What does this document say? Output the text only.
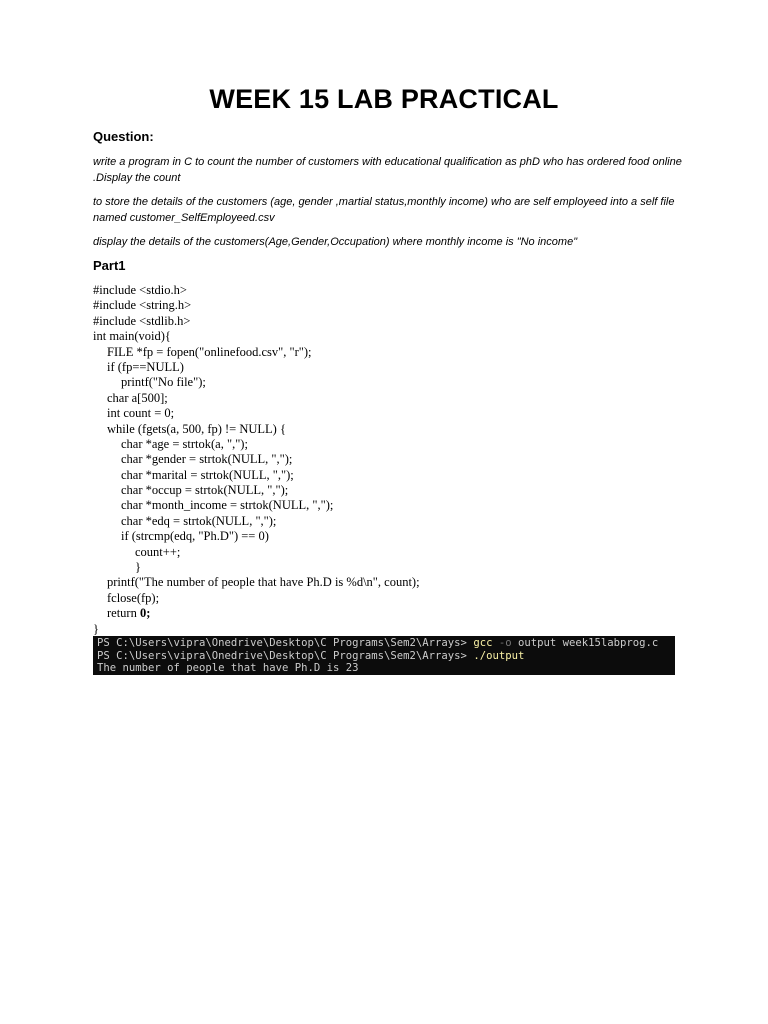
WEEK 15 LAB PRACTICAL
Question:
write a program in C to count the number of customers with educational qualification as phD who has ordered food online .Display the count
to store the details of the customers (age, gender ,martial status,monthly income) who are self employeed into a self file named customer_SelfEmployeed.csv
display the details of the customers(Age,Gender,Occupation) where monthly income is "No income"
Part1
#include <stdio.h>
#include <string.h>
#include <stdlib.h>
int main(void){
FILE *fp = fopen("onlinefood.csv", "r");
if (fp==NULL)
printf("No file");
char a[500];
int count = 0;
while (fgets(a, 500, fp) != NULL) {
char *age = strtok(a, ",");
char *gender = strtok(NULL, ",");
char *marital = strtok(NULL, ",");
char *occup = strtok(NULL, ",");
char *month_income = strtok(NULL, ",");
char *edq = strtok(NULL, ",");
if (strcmp(edq, "Ph.D") == 0)
count++;
}
printf("The number of people that have Ph.D is %d\n", count);
fclose(fp);
return 0;
}
PS C:\Users\vipra\Onedrive\Desktop\C Programs\Sem2\Arrays> gcc -o output week15labprog.c
PS C:\Users\vipra\Onedrive\Desktop\C Programs\Sem2\Arrays> ./output
The number of people that have Ph.D is 23
